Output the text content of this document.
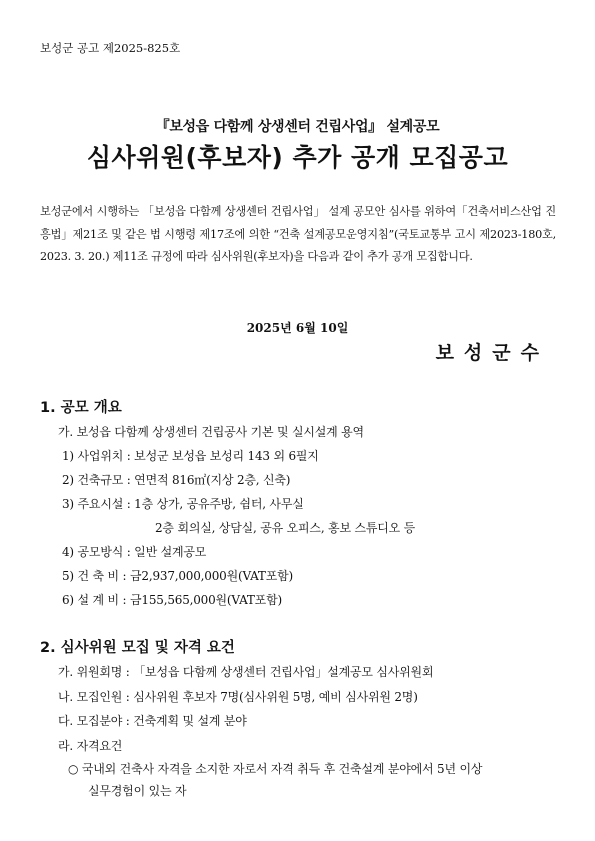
보성군 공고 제2025-825호
『보성읍 다함께 상생센터 건립사업』 설계공모
심사위원(후보자) 추가 공개 모집공고
보성군에서 시행하는 「보성읍 다함께 상생센터 건립사업」 설계 공모안 심사를 위하여「건축서비스산업 진흥법」제21조 및 같은 법 시행령 제17조에 의한 “건축 설계공모운영지침”(국토교통부 고시 제2023-180호, 2023. 3. 20.) 제11조 규정에 따라 심사위원(후보자)을 다음과 같이 추가 공개 모집합니다.
2025년 6월 10일
보성군수
1. 공모 개요
가. 보성읍 다함께 상생센터 건립공사 기본 및 실시설계 용역
1) 사업위치 : 보성군 보성읍 보성리 143 외 6필지
2) 건축규모 : 연면적 816㎡(지상 2층, 신축)
3) 주요시설 : 1층 상가, 공유주방, 쉼터, 사무실
2층 회의실, 상담실, 공유 오피스, 홍보 스튜디오 등
4) 공모방식 : 일반 설계공모
5) 건 축 비 : 금2,937,000,000원(VAT포함)
6) 설 계 비 : 금155,565,000원(VAT포함)
2. 심사위원 모집 및 자격 요건
가. 위원회명 : 「보성읍 다함께 상생센터 건립사업」설계공모 심사위원회
나. 모집인원 : 심사위원 후보자 7명(심사위원 5명, 예비 심사위원 2명)
다. 모집분야 : 건축계획 및 설계 분야
라. 자격요건
○ 국내외 건축사 자격을 소지한 자로서 자격 취득 후 건축설계 분야에서 5년 이상
실무경험이 있는 자
